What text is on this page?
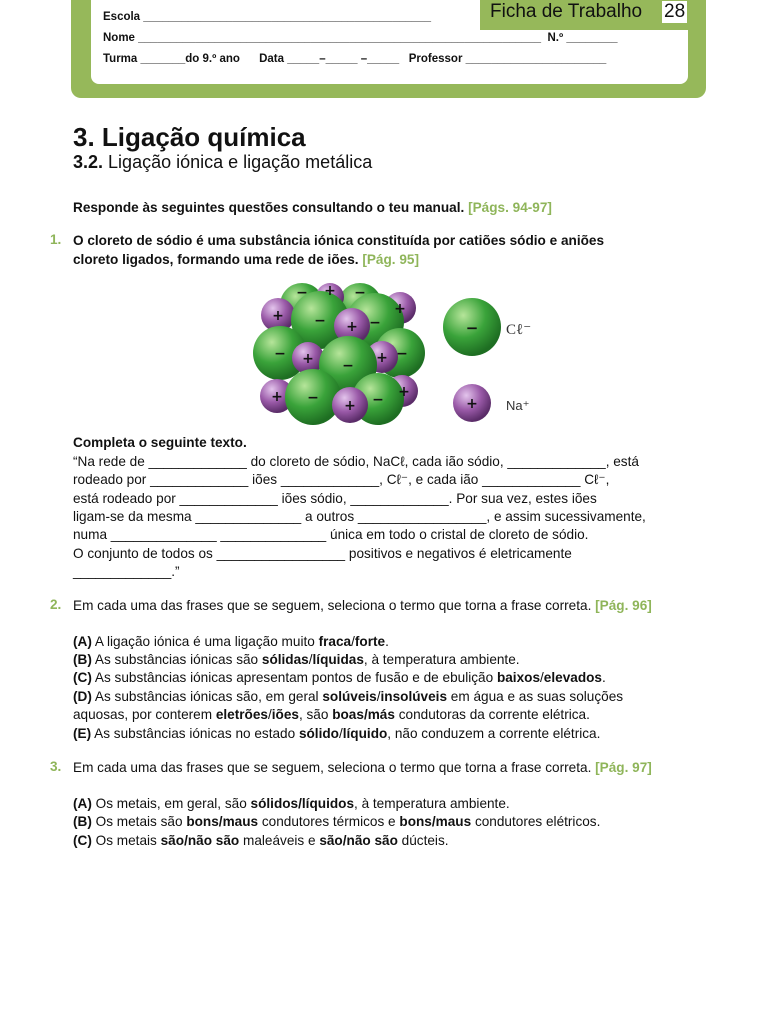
Escola _____________________________________________
Nome _______________________________________________________________  N.º ________
Turma _______do 9.º ano      Data _____–_____ –_____   Professor ______________________
Ficha de Trabalho 28
3. Ligação química
3.2. Ligação iónica e ligação metálica
Responde às seguintes questões consultando o teu manual. [Págs. 94-97]
1. O cloreto de sódio é uma substância iónica constituída por catiões sódio e aniões
cloreto ligados, formando uma rede de iões. [Pág. 95]
−	−
+
+
+ −	−
+
−	−
+	+
−
+	+
−	−
+
− Cℓ⁻
+ Na⁺
Completa o seguinte texto.
“Na rede de _____________ do cloreto de sódio, NaCℓ, cada ião sódio, _____________, está
rodeado por _____________ iões _____________, Cℓ⁻, e cada ião _____________ Cℓ⁻,
está rodeado por _____________ iões sódio, _____________. Por sua vez, estes iões
ligam-se da mesma ______________ a outros _________________, e assim sucessivamente,
numa ______________ ______________ única em todo o cristal de cloreto de sódio.
O conjunto de todos os _________________ positivos e negativos é eletricamente
_____________.”
2. Em cada uma das frases que se seguem, seleciona o termo que torna a frase correta. [Pág. 96]
(A) A ligação iónica é uma ligação muito fraca/forte.
(B) As substâncias iónicas são sólidas/líquidas, à temperatura ambiente.
(C) As substâncias iónicas apresentam pontos de fusão e de ebulição baixos/elevados.
(D) As substâncias iónicas são, em geral solúveis/insolúveis em água e as suas soluções
aquosas, por conterem eletrões/iões, são boas/más condutoras da corrente elétrica.
(E) As substâncias iónicas no estado sólido/líquido, não conduzem a corrente elétrica.
3. Em cada uma das frases que se seguem, seleciona o termo que torna a frase correta. [Pág. 97]
(A) Os metais, em geral, são sólidos/líquidos, à temperatura ambiente.
(B) Os metais são bons/maus condutores térmicos e bons/maus condutores elétricos.
(C) Os metais são/não são maleáveis e são/não são dúcteis.
